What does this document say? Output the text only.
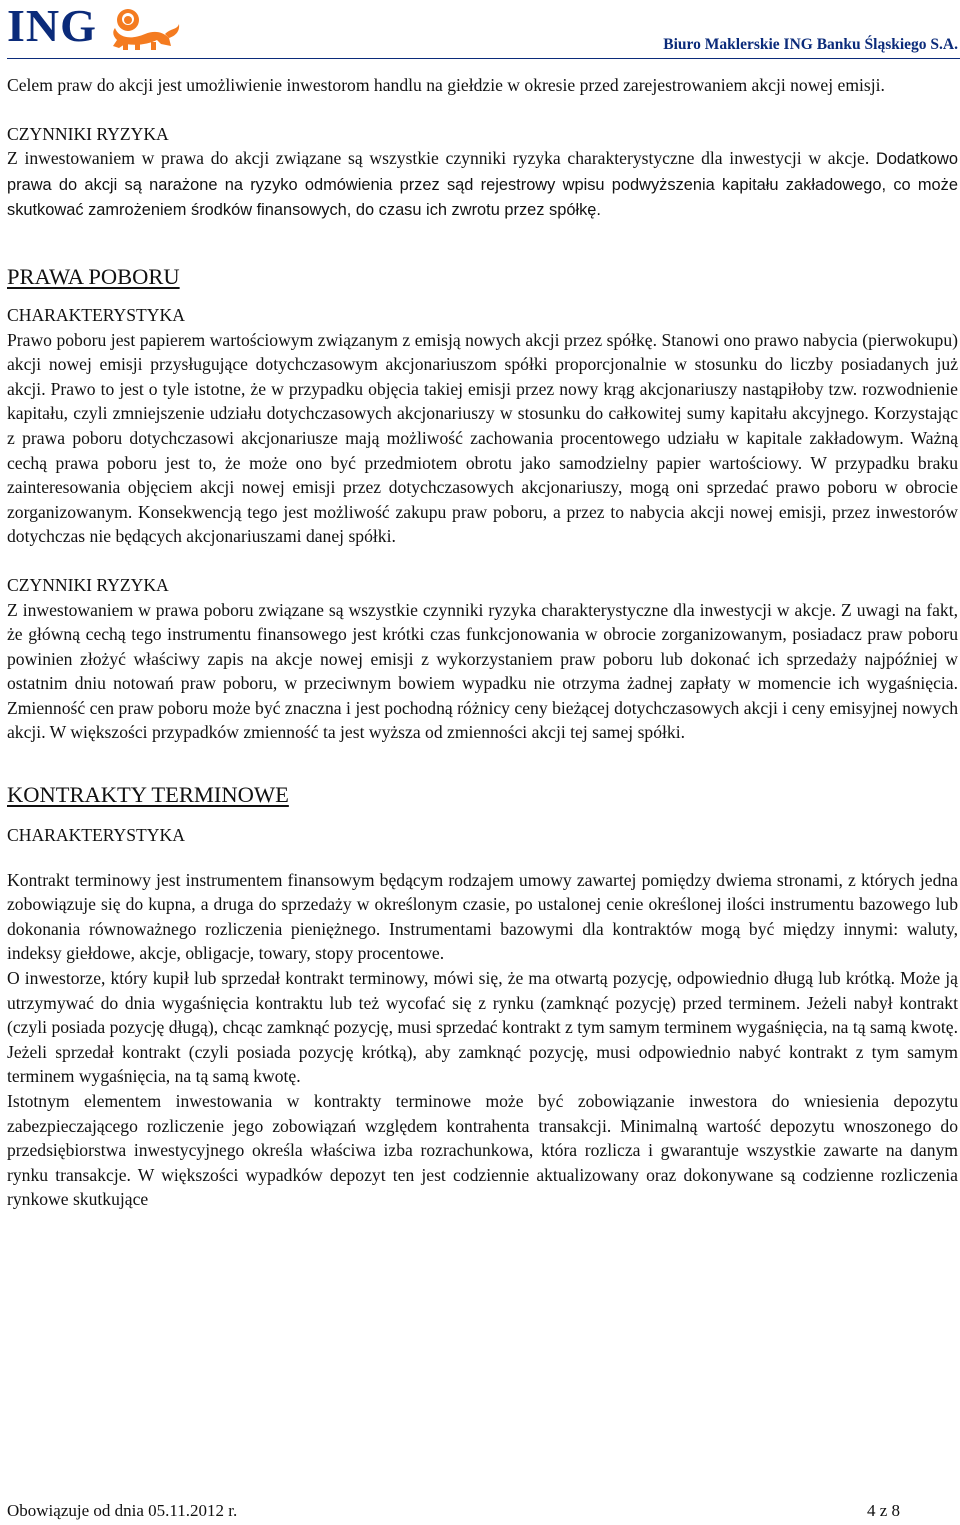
ING	Biuro Maklerskie ING Banku Śląskiego S.A.

Celem praw do akcji jest umożliwienie inwestorom handlu na giełdzie w okresie przed zarejestrowaniem akcji nowej emisji.

CZYNNIKI RYZYKA

Z inwestowaniem w prawa do akcji związane są wszystkie czynniki ryzyka charakterystyczne dla inwestycji w akcje. Dodatkowo prawa do akcji są narażone na ryzyko odmówienia przez sąd rejestrowy wpisu podwyższenia kapitału zakładowego, co może skutkować zamrożeniem środków finansowych, do czasu ich zwrotu przez spółkę.

PRAWA POBORU

CHARAKTERYSTYKA

Prawo poboru jest papierem wartościowym związanym z emisją nowych akcji przez spółkę. Stanowi ono prawo nabycia (pierwokupu) akcji nowej emisji przysługujące dotychczasowym akcjonariuszom spółki proporcjonalnie w stosunku do liczby posiadanych już akcji. Prawo to jest o tyle istotne, że w przypadku objęcia takiej emisji przez nowy krąg akcjonariuszy nastąpiłoby tzw. rozwodnienie kapitału, czyli zmniejszenie udziału dotychczasowych akcjonariuszy w stosunku do całkowitej sumy kapitału akcyjnego. Korzystając z prawa poboru dotychczasowi akcjonariusze mają możliwość zachowania procentowego udziału w kapitale zakładowym. Ważną cechą prawa poboru jest to, że może ono być przedmiotem obrotu jako samodzielny papier wartościowy. W przypadku braku zainteresowania objęciem akcji nowej emisji przez dotychczasowych akcjonariuszy, mogą oni sprzedać prawo poboru w obrocie zorganizowanym. Konsekwencją tego jest możliwość zakupu praw poboru, a przez to nabycia akcji nowej emisji, przez inwestorów dotychczas nie będących akcjonariuszami danej spółki.

CZYNNIKI RYZYKA

Z inwestowaniem w prawa poboru związane są wszystkie czynniki ryzyka charakterystyczne dla inwestycji w akcje. Z uwagi na fakt, że główną cechą tego instrumentu finansowego jest krótki czas funkcjonowania w obrocie zorganizowanym, posiadacz praw poboru powinien złożyć właściwy zapis na akcje nowej emisji z wykorzystaniem praw poboru lub dokonać ich sprzedaży najpóźniej w ostatnim dniu notowań praw poboru, w przeciwnym bowiem wypadku nie otrzyma żadnej zapłaty w momencie ich wygaśnięcia. Zmienność cen praw poboru może być znaczna i jest pochodną różnicy ceny bieżącej dotychczasowych akcji i ceny emisyjnej nowych akcji. W większości przypadków zmienność ta jest wyższa od zmienności akcji tej samej spółki.

KONTRAKTY TERMINOWE

CHARAKTERYSTYKA

Kontrakt terminowy jest instrumentem finansowym będącym rodzajem umowy zawartej pomiędzy dwiema stronami, z których jedna zobowiązuje się do kupna, a druga do sprzedaży w określonym czasie, po ustalonej cenie określonej ilości instrumentu bazowego lub dokonania równoważnego rozliczenia pieniężnego. Instrumentami bazowymi dla kontraktów mogą być między innymi: waluty, indeksy giełdowe, akcje, obligacje, towary, stopy procentowe.

O inwestorze, który kupił lub sprzedał kontrakt terminowy, mówi się, że ma otwartą pozycję, odpowiednio długą lub krótką. Może ją utrzymywać do dnia wygaśnięcia kontraktu lub też wycofać się z rynku (zamknąć pozycję) przed terminem. Jeżeli nabył kontrakt (czyli posiada pozycję długą), chcąc zamknąć pozycję, musi sprzedać kontrakt z tym samym terminem wygaśnięcia, na tą samą kwotę. Jeżeli sprzedał kontrakt (czyli posiada pozycję krótką), aby zamknąć pozycję, musi odpowiednio nabyć kontrakt z tym samym terminem wygaśnięcia, na tą samą kwotę.

Istotnym elementem inwestowania w kontrakty terminowe może być zobowiązanie inwestora do wniesienia depozytu zabezpieczającego rozliczenie jego zobowiązań względem kontrahenta transakcji. Minimalną wartość depozytu wnoszonego do przedsiębiorstwa inwestycyjnego określa właściwa izba rozrachunkowa, która rozlicza i gwarantuje wszystkie zawarte na danym rynku transakcje. W większości wypadków depozyt ten jest codziennie aktualizowany oraz dokonywane są codzienne rozliczenia rynkowe skutkujące

Obowiązuje od dnia 05.11.2012 r.	4 z 8
